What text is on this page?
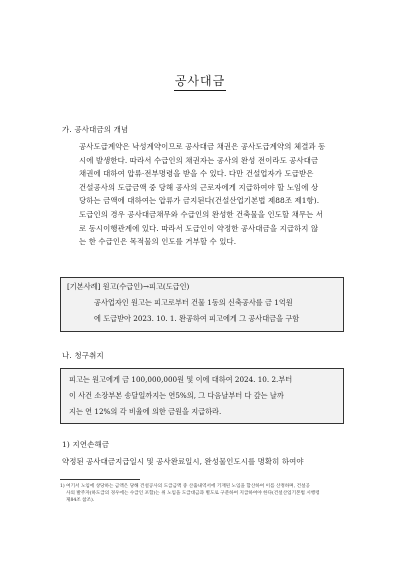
공사대금
가. 공사대금의 개념
공사도급계약은 낙성계약이므로 공사대금 채권은 공사도급계약의 체결과 동
시에 발생한다. 따라서 수급인의 채권자는 공사의 완성 전이라도 공사대금
채권에 대하여 압류·전부명령을 받을 수 있다. 다만 건설업자가 도급받은
건설공사의 도급금액 중 당해 공사의 근로자에게 지급하여야 할 노임에 상
당하는 금액에 대하여는 압류가 금지된다(건설산업기본법 제88조 제1항).
도급인의 경우 공사대금채무와 수급인의 완성한 건축물을 인도할 채무는 서
로 동시이행관계에 있다. 따라서 도급인이 약정한 공사대금을 지급하지 않
는 한 수급인은 목적물의 인도를 거부할 수 있다.
[기본사례] 원고(수급인)→피고(도급인)
공사업자인 원고는 피고로부터 건물 1동의 신축공사를 금 1억원
에 도급받아 2023. 10. 1. 완공하여 피고에게 그 공사대금을 구함
나. 청구취지
피고는 원고에게 금 100,000,000원 및 이에 대하여 2024. 10. 2.부터
이 사건 소장부본 송달일까지는 연5%의, 그 다음날부터 다 갚는 날까
지는 연 12%의 각 비율에 의한 금원을 지급하라.
1) 지연손해금
약정된 공사대금지급일시 및 공사완료일시, 완성물인도시를 명확히 하여야
1) 여기서 노임에 상당하는 금액은 당해 건설공사의 도급금액 중 산출내역서에 기재된 노임을 합산하여 이를 산정하며, 건설공
사의 발주자(하도급의 경우에는 수급인 포함)는 위 노임을 도급대금과 별도로 구분하여 지급하여야 한다(건설산업기본법 시행령
제84조 참조).
